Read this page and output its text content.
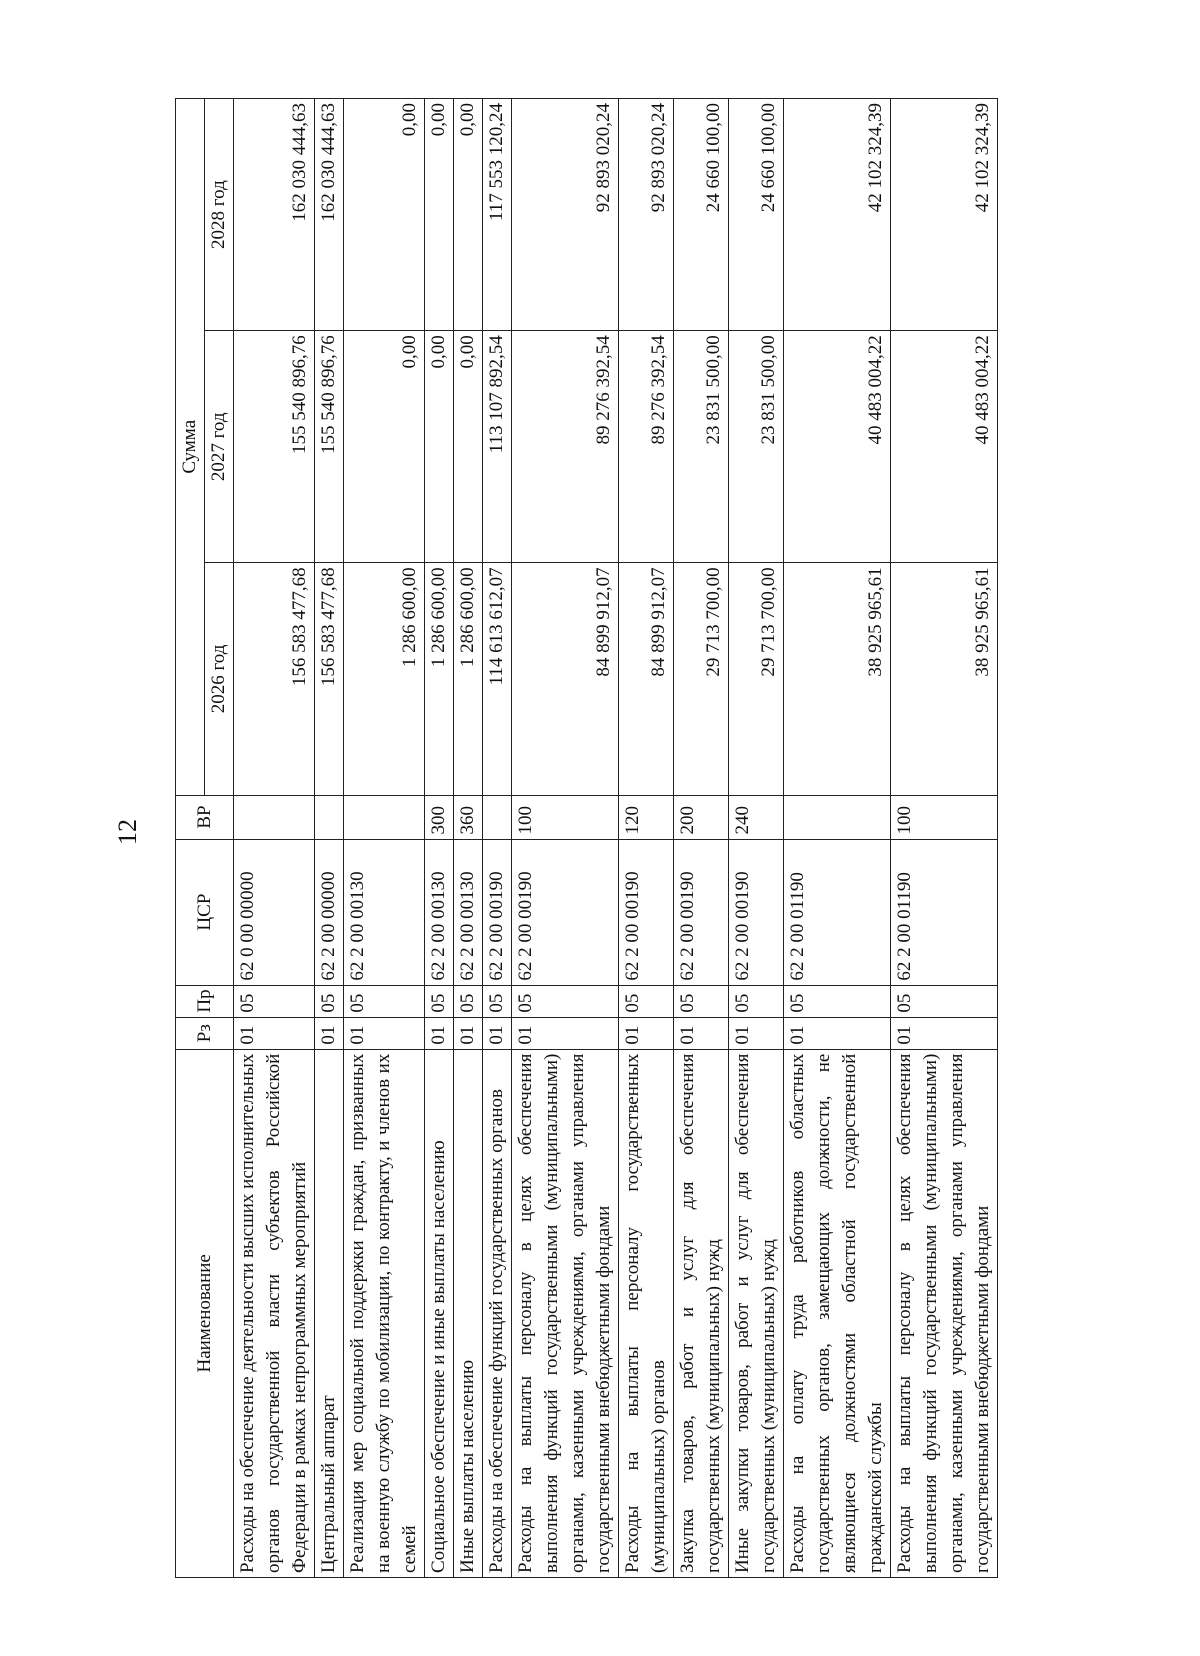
12
Наименование	Рз	Пр	ЦСР	ВР	Сумма		
					2026 год	2027 год	2028 год
Расходы на обеспечение деятельности высших исполнительных органов государственной власти субъектов Российской Федерации в рамках непрограммных мероприятий	01	05	62 0 00 00000		156 583 477,68	155 540 896,76	162 030 444,63
Центральный аппарат	01	05	62 2 00 00000		156 583 477,68	155 540 896,76	162 030 444,63
Реализация мер социальной поддержки граждан, призванных на военную службу по мобилизации, по контракту, и членов их семей	01	05	62 2 00 00130		1 286 600,00	0,00	0,00
Социальное обеспечение и иные выплаты населению	01	05	62 2 00 00130	300	1 286 600,00	0,00	0,00
Иные выплаты населению	01	05	62 2 00 00130	360	1 286 600,00	0,00	0,00
Расходы на обеспечение функций государственных органов	01	05	62 2 00 00190		114 613 612,07	113 107 892,54	117 553 120,24
Расходы на выплаты персоналу в целях обеспечения выполнения функций государственными (муниципальными) органами, казенными учреждениями, органами управления государственными внебюджетными фондами	01	05	62 2 00 00190	100	84 899 912,07	89 276 392,54	92 893 020,24
Расходы на выплаты персоналу государственных (муниципальных) органов	01	05	62 2 00 00190	120	84 899 912,07	89 276 392,54	92 893 020,24
Закупка товаров, работ и услуг для обеспечения государственных (муниципальных) нужд	01	05	62 2 00 00190	200	29 713 700,00	23 831 500,00	24 660 100,00
Иные закупки товаров, работ и услуг для обеспечения государственных (муниципальных) нужд	01	05	62 2 00 00190	240	29 713 700,00	23 831 500,00	24 660 100,00
Расходы на оплату труда работников областных государственных органов, замещающих должности, не являющиеся должностями областной государственной гражданской службы	01	05	62 2 00 01190		38 925 965,61	40 483 004,22	42 102 324,39
Расходы на выплаты персоналу в целях обеспечения выполнения функций государственными (муниципальными) органами, казенными учреждениями, органами управления государственными внебюджетными фондами	01	05	62 2 00 01190	100	38 925 965,61	40 483 004,22	42 102 324,39
